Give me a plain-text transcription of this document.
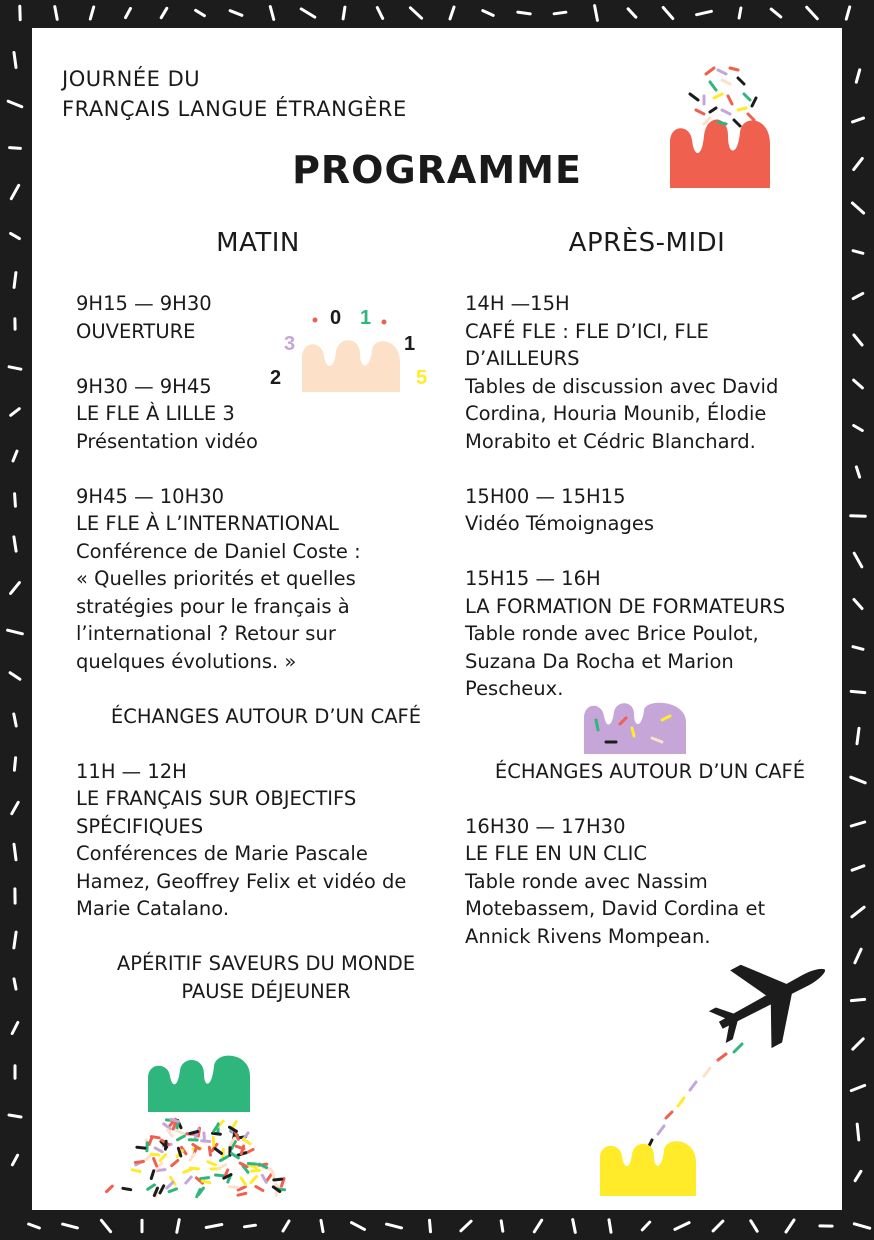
JOURNÉE DU
FRANÇAIS LANGUE ÉTRANGÈRE
PROGRAMME
MATIN	APRÈS-MIDI

9H15 — 9H30

OUVERTURE

9H30 — 9H45

LE FLE À LILLE 3

Présentation vidéo

9H45 — 10H30

LE FLE À L’INTERNATIONAL

Conférence de Daniel Coste :

« Quelles priorités et quelles

stratégies pour le français à

l’international ? Retour sur

quelques évolutions. »

ÉCHANGES AUTOUR D’UN CAFÉ

11H — 12H

LE FRANÇAIS SUR OBJECTIFS

SPÉCIFIQUES

Conférences de Marie Pascale

Hamez, Geoffrey Felix et vidéo de

Marie Catalano.

APÉRITIF SAVEURS DU MONDE

PAUSE DÉJEUNER

14H —15H

CAFÉ FLE : FLE D’ICI, FLE

D’AILLEURS

Tables de discussion avec David

Cordina, Houria Mounib, Élodie

Morabito et Cédric Blanchard.

15H00 — 15H15

Vidéo Témoignages

15H15 — 16H

LA FORMATION DE FORMATEURS

Table ronde avec Brice Poulot,

Suzana Da Rocha et Marion

Pescheux.

ÉCHANGES AUTOUR D’UN CAFÉ

16H30 — 17H30

LE FLE EN UN CLIC

Table ronde avec Nassim

Motebassem, David Cordina et

Annick Rivens Mompean.

3
0 1
1
2	5
